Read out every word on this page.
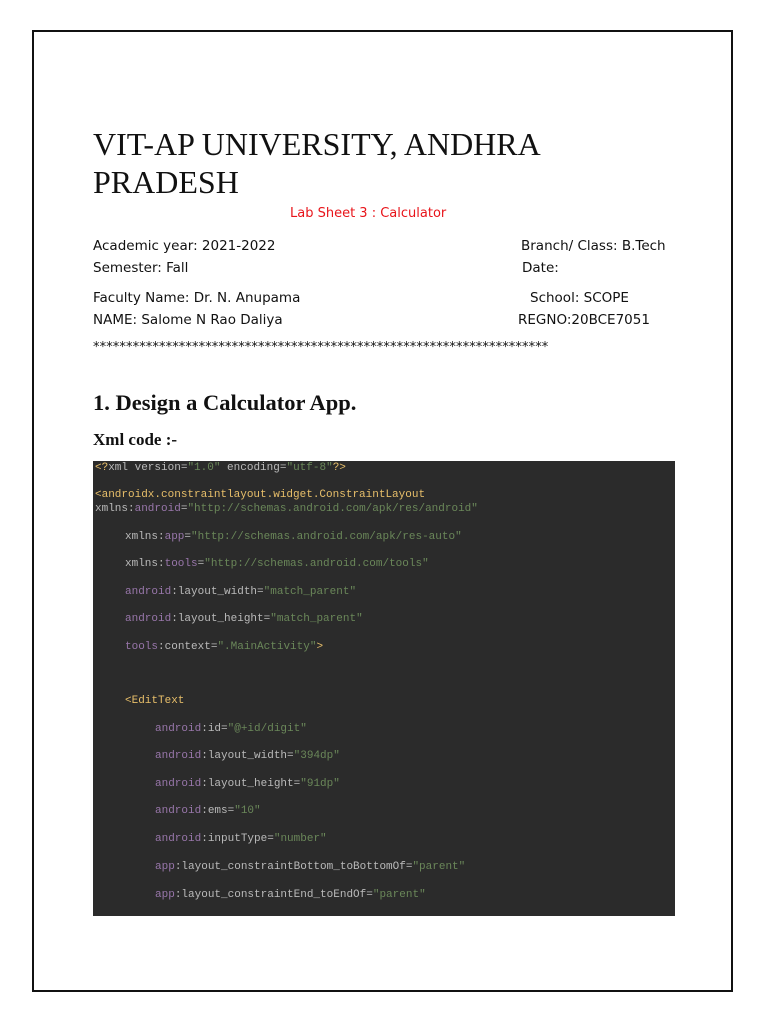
VIT-AP UNIVERSITY, ANDHRA PRADESH
Lab Sheet 3 : Calculator
Academic year: 2021-2022	Branch/ Class: B.Tech
Semester: Fall	Date:
Faculty Name: Dr. N. Anupama	School: SCOPE
NAME: Salome N Rao Daliya	REGNO:20BCE7051
*********************************************************************
1. Design a Calculator App.
Xml code :-
<?xml version="1.0" encoding="utf-8"?>
<androidx.constraintlayout.widget.ConstraintLayout
xmlns:android="http://schemas.android.com/apk/res/android"
xmlns:app="http://schemas.android.com/apk/res-auto"
xmlns:tools="http://schemas.android.com/tools"
android:layout_width="match_parent"
android:layout_height="match_parent"
tools:context=".MainActivity">
<EditText
android:id="@+id/digit"
android:layout_width="394dp"
android:layout_height="91dp"
android:ems="10"
android:inputType="number"
app:layout_constraintBottom_toBottomOf="parent"
app:layout_constraintEnd_toEndOf="parent"
